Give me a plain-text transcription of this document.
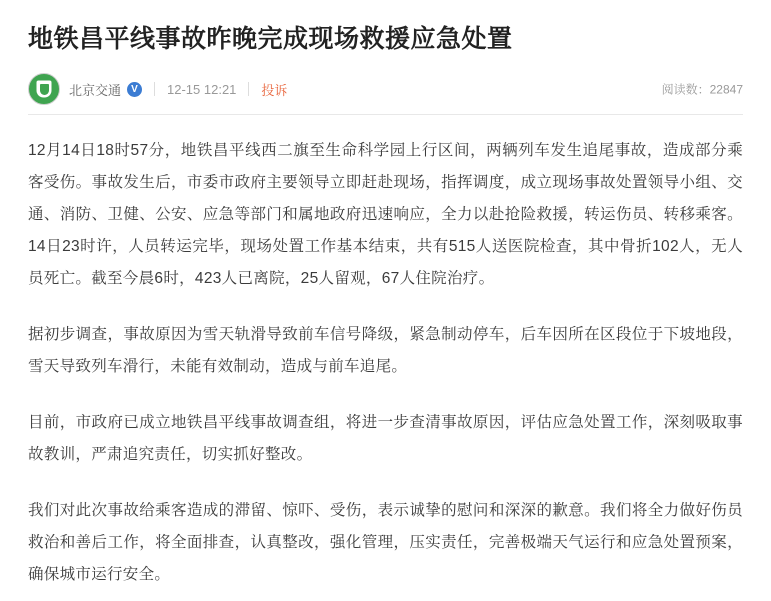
地铁昌平线事故昨晚完成现场救援应急处置
北京交通	V	12-15 12:21 投诉	阅读数：22847

12月14日18时57分，地铁昌平线西二旗至生命科学园上行区间，两辆列车发生追尾事故，造成部分乘客受伤。事故发生后，市委市政府主要领导立即赶赴现场，指挥调度，成立现场事故处置领导小组、交通、消防、卫健、公安、应急等部门和属地政府迅速响应，全力以赴抢险救援，转运伤员、转移乘客。14日23时许，人员转运完毕，现场处置工作基本结束，共有515人送医院检查，其中骨折102人，无人员死亡。截至今晨6时，423人已离院，25人留观，67人住院治疗。

据初步调查，事故原因为雪天轨滑导致前车信号降级，紧急制动停车，后车因所在区段位于下坡地段，雪天导致列车滑行，未能有效制动，造成与前车追尾。

目前，市政府已成立地铁昌平线事故调查组，将进一步查清事故原因，评估应急处置工作，深刻吸取事故教训，严肃追究责任，切实抓好整改。

我们对此次事故给乘客造成的滞留、惊吓、受伤，表示诚挚的慰问和深深的歉意。我们将全力做好伤员救治和善后工作，将全面排查，认真整改，强化管理，压实责任，完善极端天气运行和应急处置预案，确保城市运行安全。
